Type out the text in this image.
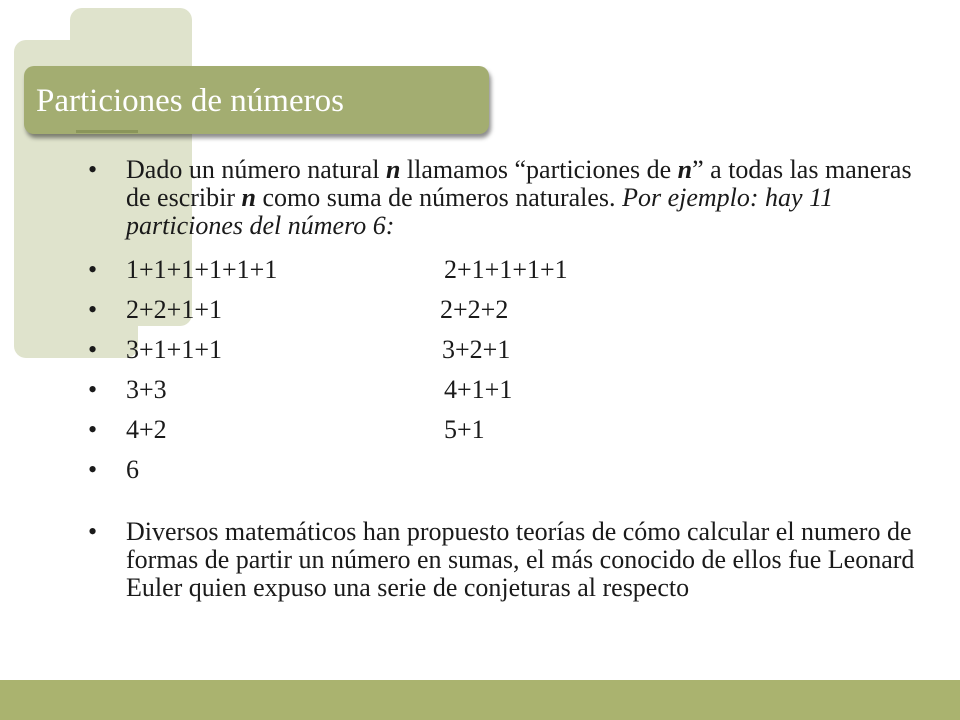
Particiones de números
• Dado un número natural n llamamos “particiones de n” a todas las maneras de escribir n como suma de números naturales. Por ejemplo: hay 11 particiones del número 6:
• 1+1+1+1+1+1	2+1+1+1+1
• 2+2+1+1	2+2+2
• 3+1+1+1	3+2+1
• 3+3	4+1+1
• 4+2	5+1
• 6
• Diversos matemáticos han propuesto teorías de cómo calcular el numero de formas de partir un número en sumas, el más conocido de ellos fue Leonard Euler quien expuso una serie de conjeturas al respecto
